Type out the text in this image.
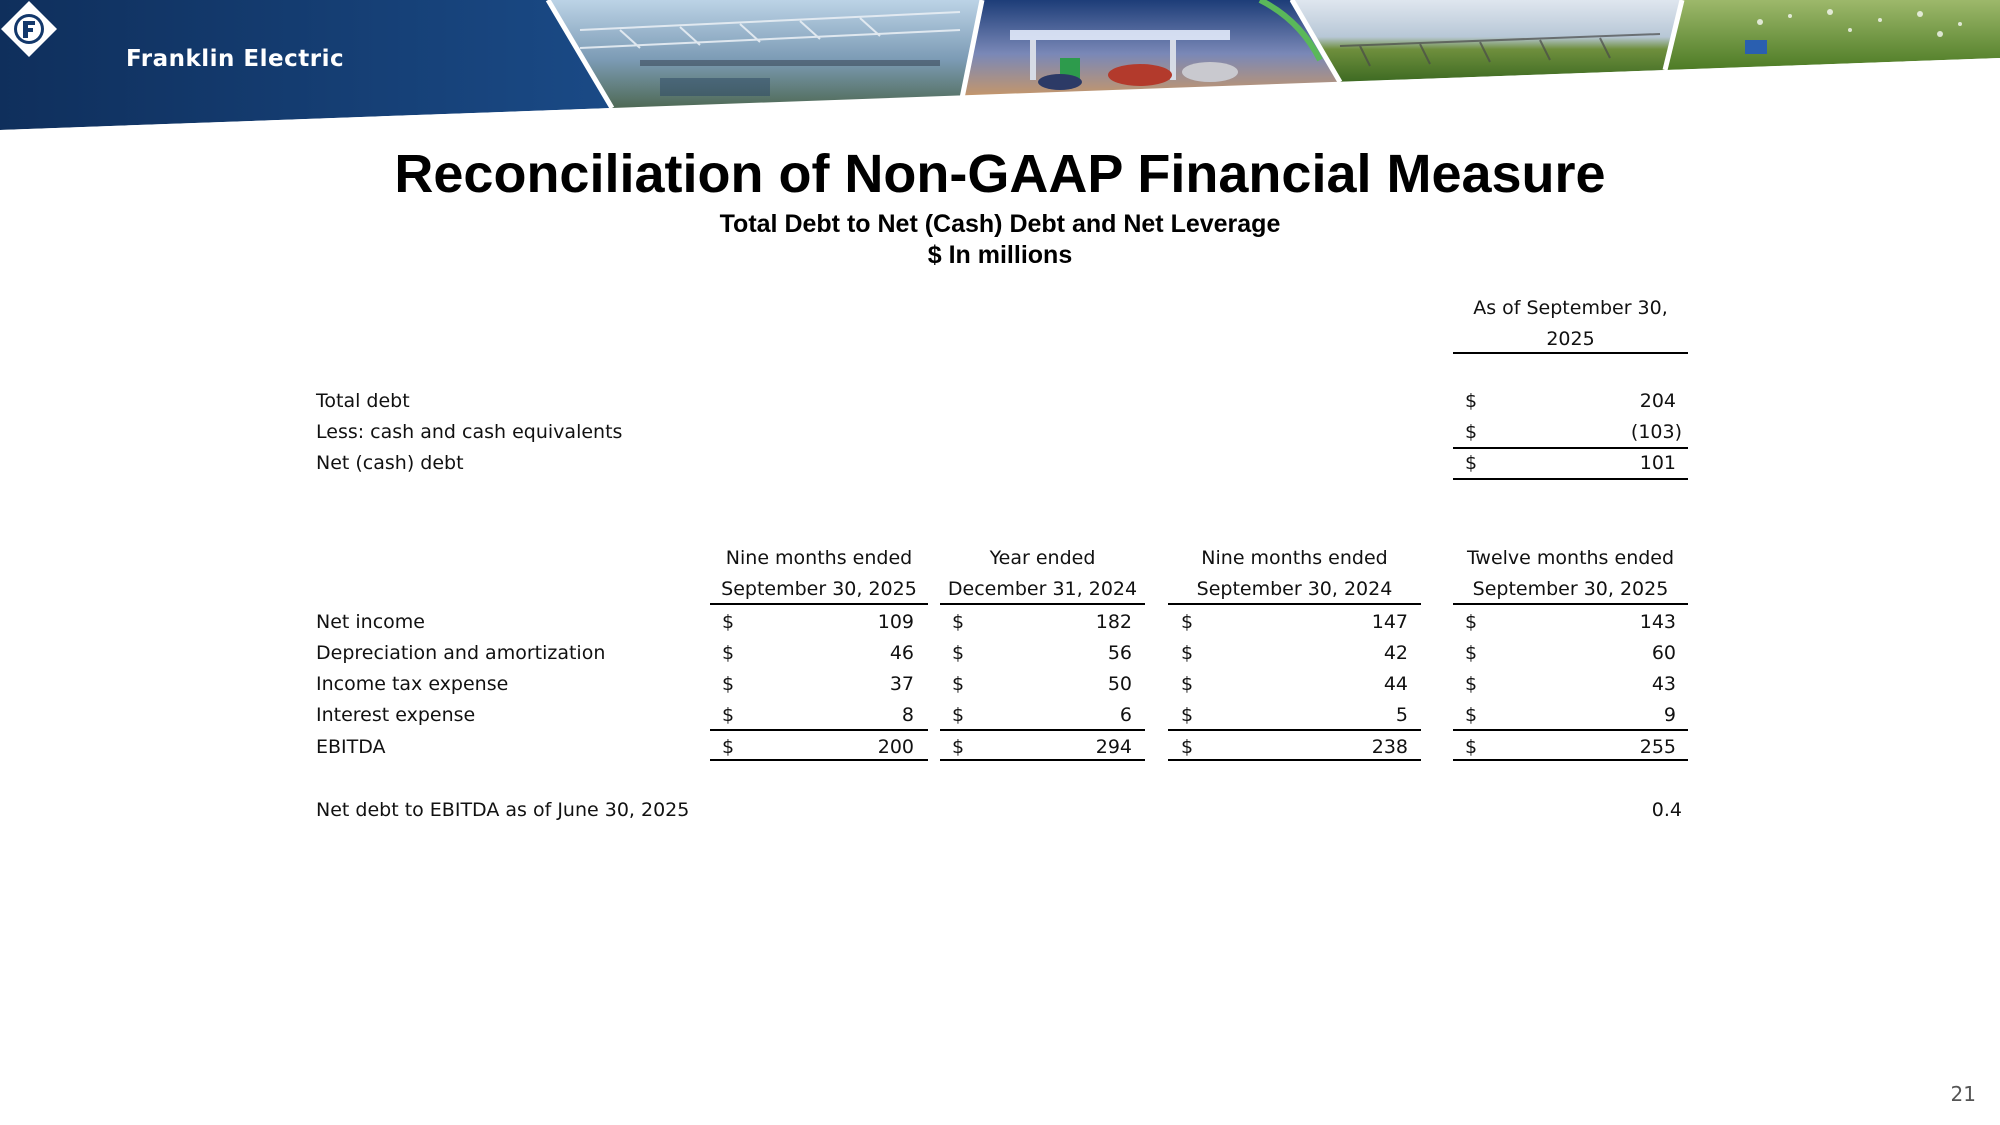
Franklin Electric
Reconciliation of Non-GAAP Financial Measure
Total Debt to Net (Cash) Debt and Net Leverage
$ In millions
As of September 30,
2025
Total debt	$	204
Less: cash and cash equivalents	$	(103)
Net (cash) debt	$	101
Nine months ended
September 30, 2025
Year ended
December 31, 2024
Nine months ended
September 30, 2024
Twelve months ended
September 30, 2025
Net income	$	109 $	182	$	147	$	143
Depreciation and amortization	$	46 $	56	$	42	$	60
Income tax expense	$	37 $	50	$	44	$	43
Interest expense	$	8 $	6	$	5	$	9
EBITDA	$	200 $	294	$	238	$	255
Net debt to EBITDA as of June 30, 2025	0.4
21
